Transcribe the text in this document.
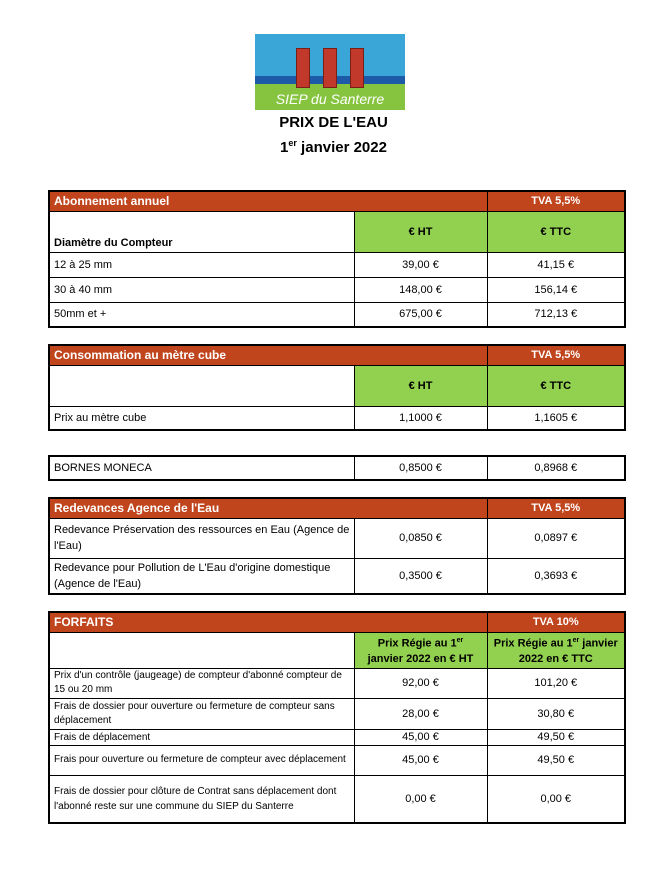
SIEP du Santerre
PRIX DE L'EAU
1er janvier 2022
Abonnement annuel		TVA 5,5%
Diamètre du Compteur	€ HT	€ TTC
12 à 25 mm	39,00 €	41,15 €
30 à 40 mm	148,00 €	156,14 €
50mm et +	675,00 €	712,13 €
Consommation au mètre cube		TVA 5,5%
	€ HT	€ TTC
Prix au mètre cube	1,1000 €	1,1605 €
BORNES MONECA	0,8500 €	0,8968 €
Redevances Agence de l'Eau		TVA 5,5%
Redevance Préservation des ressources en Eau (Agence de l'Eau)	0,0850 €	0,0897 €
Redevance pour Pollution de L'Eau d'origine domestique (Agence de l'Eau)	0,3500 €	0,3693 €
FORFAITS		TVA 10%
	Prix Régie au 1er janvier 2022 en € HT	Prix Régie au 1er janvier 2022 en € TTC
Prix d'un contrôle (jaugeage) de compteur d'abonné compteur de 15 ou 20 mm	92,00 €	101,20 €
Frais de dossier pour ouverture ou fermeture de compteur sans déplacement	28,00 €	30,80 €
Frais de déplacement	45,00 €	49,50 €
Frais pour ouverture ou fermeture de compteur avec déplacement	45,00 €	49,50 €
Frais de dossier pour clôture de Contrat sans déplacement dont l'abonné reste sur une commune du SIEP du Santerre	0,00 €	0,00 €
